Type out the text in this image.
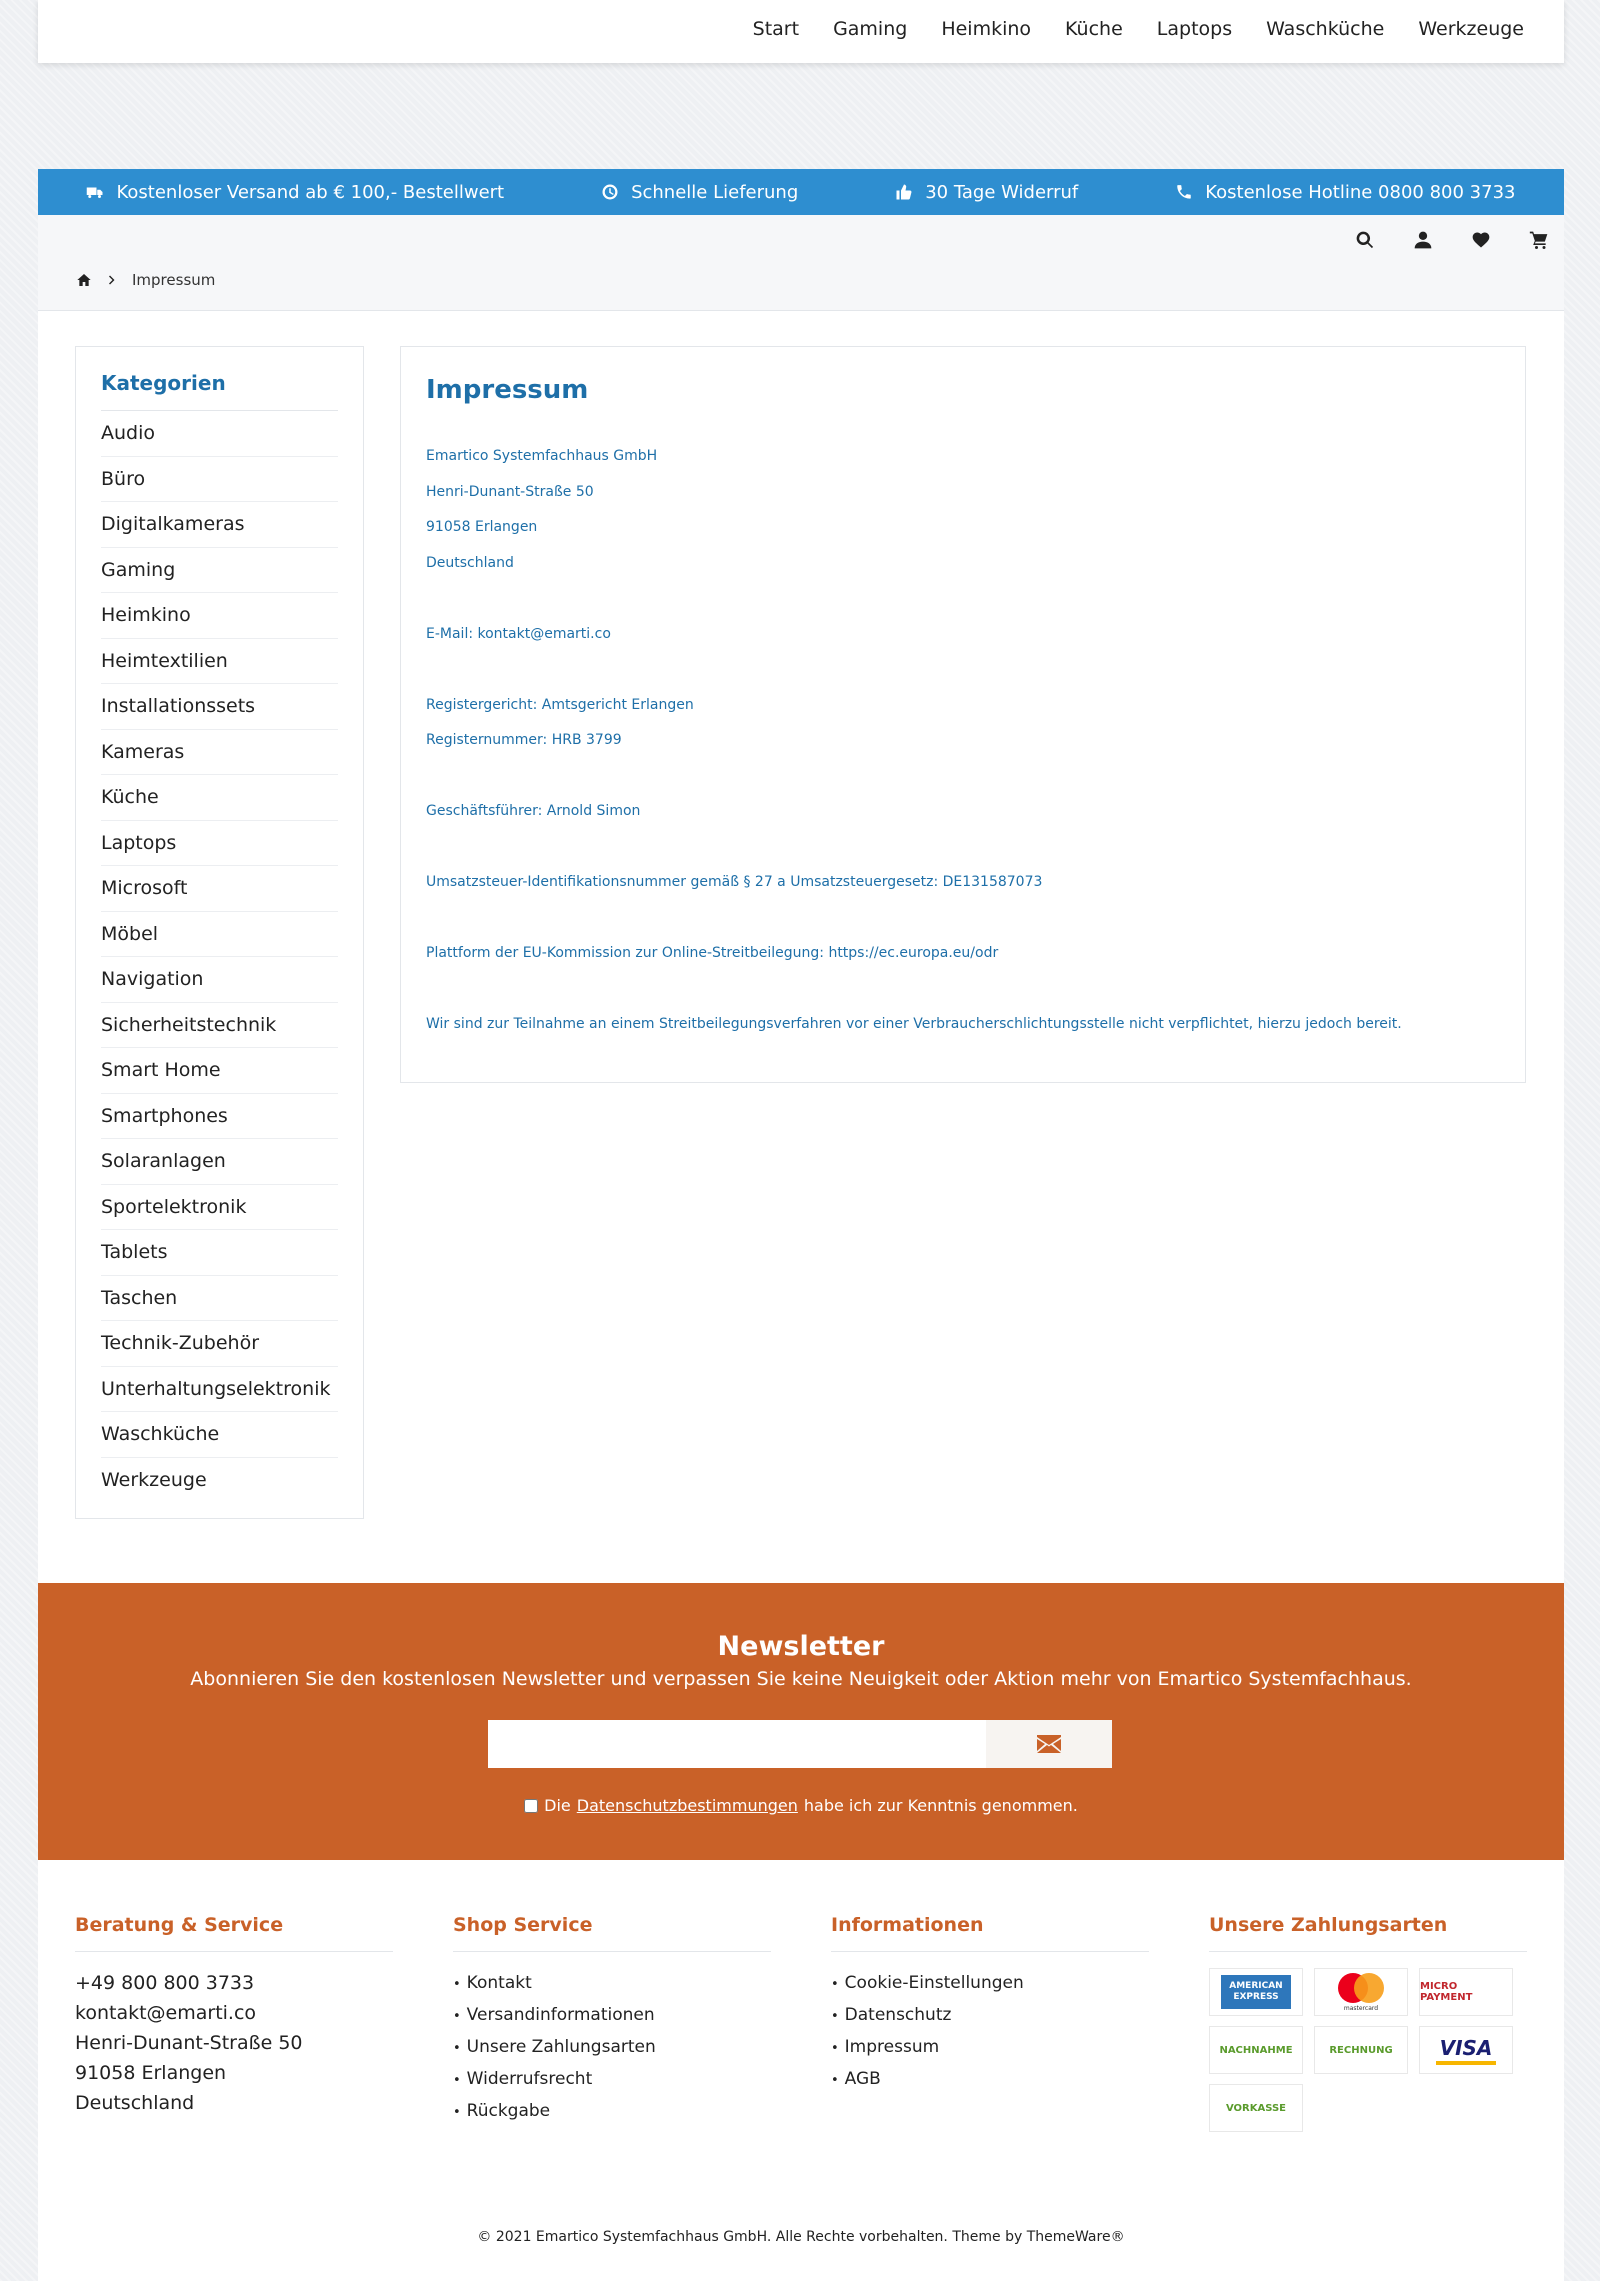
Start Gaming Heimkino Küche Laptops Waschküche Werkzeuge
Kostenloser Versand ab € 100,- Bestellwert	Schnelle Lieferung	30 Tage Widerruf	Kostenlose Hotline 0800 800 3733
Impressum
Kategorien
Audio
Büro
Digitalkameras
Gaming
Heimkino
Heimtextilien
Installationssets
Kameras
Küche
Laptops
Microsoft
Möbel
Navigation
Sicherheitstechnik
Smart Home
Smartphones
Solaranlagen
Sportelektronik
Tablets
Taschen
Technik-Zubehör
Unterhaltungselektronik
Waschküche
Werkzeuge
Impressum

Emartico Systemfachhaus GmbH

Henri-Dunant-Straße 50

91058 Erlangen

Deutschland

E-Mail: kontakt@emarti.co

Registergericht: Amtsgericht Erlangen

Registernummer: HRB 3799

Geschäftsführer: Arnold Simon

Umsatzsteuer-Identifikationsnummer gemäß § 27 a Umsatzsteuergesetz: DE131587073

Plattform der EU-Kommission zur Online-Streitbeilegung: https://ec.europa.eu/odr

Wir sind zur Teilnahme an einem Streitbeilegungsverfahren vor einer Verbraucherschlichtungsstelle nicht verpflichtet, hierzu jedoch bereit.

Newsletter
Abonnieren Sie den kostenlosen Newsletter und verpassen Sie keine Neuigkeit oder Aktion mehr von Emartico Systemfachhaus.
Die Datenschutzbestimmungen habe ich zur Kenntnis genommen.
Beratung & Service
+49 800 800 3733
kontakt@emarti.co
Henri-Dunant-Straße 50
91058 Erlangen
Deutschland
Shop Service
• Kontakt
• Versandinformationen
• Unsere Zahlungsarten
• Widerrufsrecht
• Rückgabe
Informationen
• Cookie-Einstellungen
• Datenschutz
• Impressum
• AGB
Unsere Zahlungsarten
AMERICAN EXPRESS
mastercard
MICRO PAYMENT
NACHNAHME	RECHNUNG	VISA
VORKASSE
© 2021 Emartico Systemfachhaus GmbH. Alle Rechte vorbehalten. Theme by ThemeWare®
